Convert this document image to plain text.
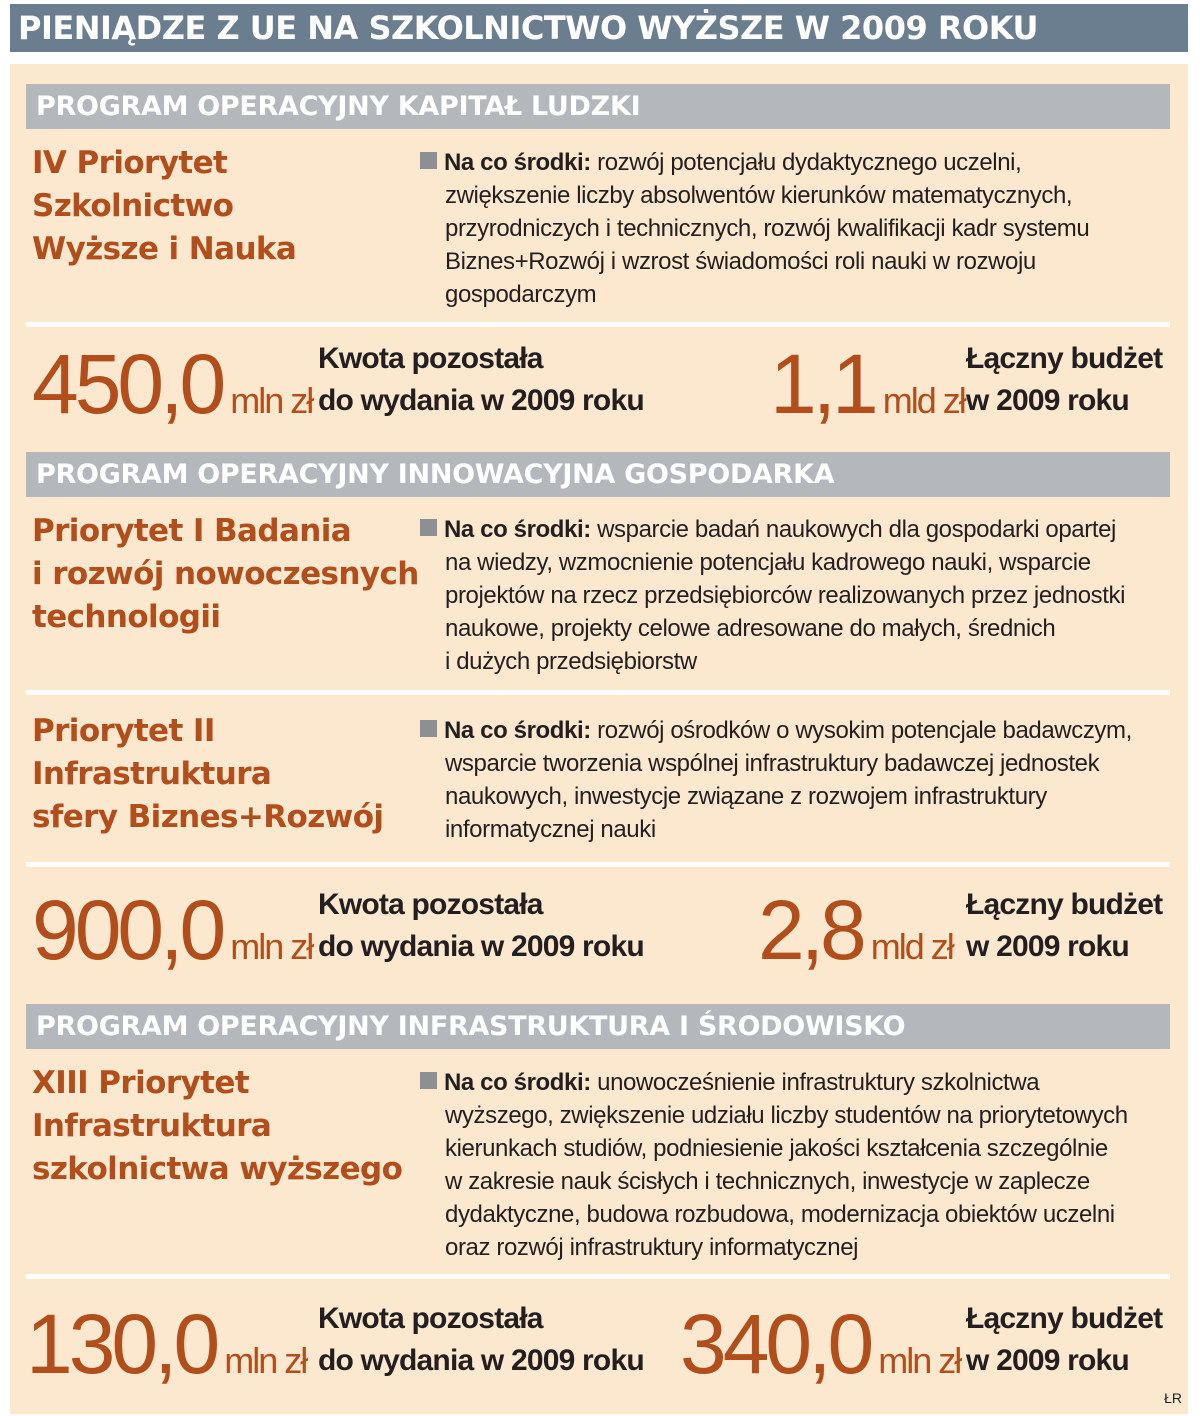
PIENIĄDZE Z UE NA SZKOLNICTWO WYŻSZE W 2009 ROKU
PROGRAM OPERACYJNY KAPITAŁ LUDZKI
IV Priorytet Szkolnictwo
Wyższe i Nauka
Na co środki: rozwój potencjału dydaktycznego uczelni,
zwiększenie liczby absolwentów kierunków matematycznych,
przyrodniczych i technicznych, rozwój kwalifikacji kadr systemu
Biznes+Rozwój i wzrost świadomości roli nauki w rozwoju
gospodarczym
450,0 mln zł
Kwota pozostała
do wydania w 2009 roku 1,1 mld zł
Łączny budżet
w 2009 roku
PROGRAM OPERACYJNY INNOWACYJNA GOSPODARKA
Priorytet I Badania
i rozwój nowoczesnych
technologii
Na co środki: wsparcie badań naukowych dla gospodarki opartej
na wiedzy, wzmocnienie potencjału kadrowego nauki, wsparcie
projektów na rzecz przedsiębiorców realizowanych przez jednostki
naukowe, projekty celowe adresowane do małych, średnich
i dużych przedsiębiorstw
Priorytet II Infrastruktura
sfery Biznes+Rozwój
Na co środki: rozwój ośrodków o wysokim potencjale badawczym,
wsparcie tworzenia wspólnej infrastruktury badawczej jednostek
naukowych, inwestycje związane z rozwojem infrastruktury
informatycznej nauki
900,0 mln zł
Kwota pozostała
do wydania w 2009 roku 2,8 mld zł
Łączny budżet
w 2009 roku
PROGRAM OPERACYJNY INFRASTRUKTURA I ŚRODOWISKO
XIII Priorytet
Infrastruktura
szkolnictwa wyższego
Na co środki: unowocześnienie infrastruktury szkolnictwa
wyższego, zwiększenie udziału liczby studentów na priorytetowych
kierunkach studiów, podniesienie jakości kształcenia szczególnie
w zakresie nauk ścisłych i technicznych, inwestycje w zaplecze
dydaktyczne, budowa rozbudowa, modernizacja obiektów uczelni
oraz rozwój infrastruktury informatycznej
130,0 mln zł
Kwota pozostała
do wydania w 2009 roku 340,0 mln zł
Łączny budżet
w 2009 roku
ŁR
